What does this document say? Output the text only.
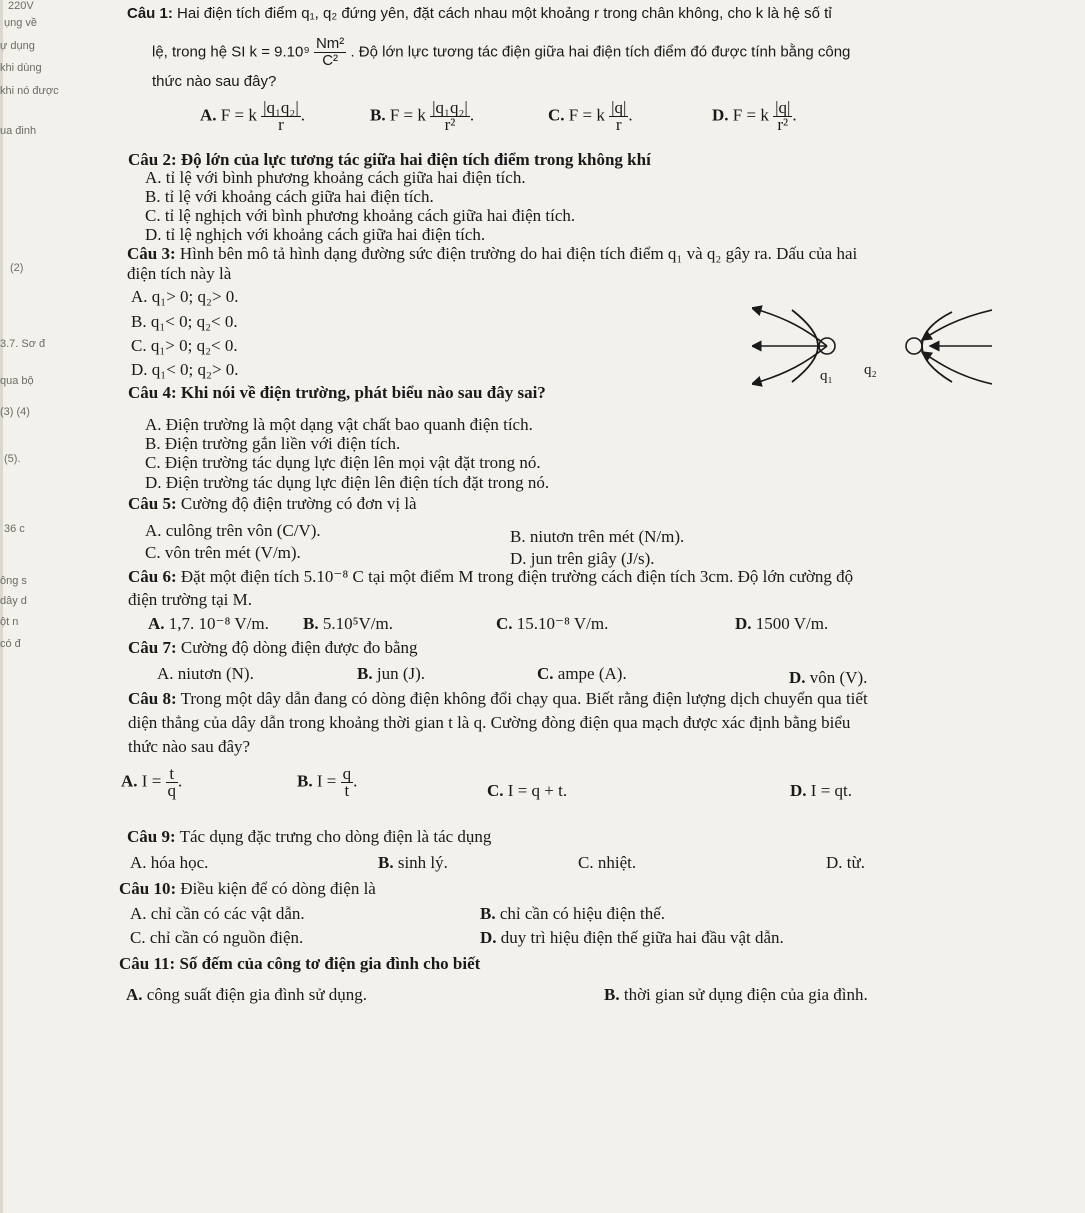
220V
ụng về
ự dụng
khi dùng
khi nó được
ua đinh
(2)
3.7. Sơ đ
qua bộ
(3) (4)
(5).
36 c
ông s
dây d
ột n
có đ
Câu 1: Hai điện tích điểm q₁, q₂ đứng yên, đặt cách nhau một khoảng r trong chân không, cho k là hệ số tỉ
lệ, trong hệ SI $k = 9.10^9 \frac{\text{Nm²}}{\text{C²}}$ . Độ lớn lực tương tác điện giữa hai điện tích điểm đó được tính bằng công
thức nào sau đây?
A. F = k $\frac{\text{|q₁q₂|}}{r}$ .	B. F = k $\frac{\text{|q₁q₂|}}{\text{r²}}$ .	C. F = k $\frac{|q|}{r}$ .	D. F = k $\frac{|q|}{\text{r²}}$ .
Câu 2: Độ lớn của lực tương tác giữa hai điện tích điểm trong không khí
A. tỉ lệ với bình phương khoảng cách giữa hai điện tích.
B. tỉ lệ với khoảng cách giữa hai điện tích.
C. tỉ lệ nghịch với bình phương khoảng cách giữa hai điện tích.
D. tỉ lệ nghịch với khoảng cách giữa hai điện tích.
Câu 3: Hình bên mô tả hình dạng đường sức điện trường do hai điện tích điểm q₁ và q₂ gây ra. Dấu của hai
điện tích này là
A. q₁> 0; q₂> 0.
B. q₁< 0; q₂< 0.
C. q₁> 0; q₂< 0.
D. q₁< 0; q₂> 0.	q₁ q₂
Câu 4: Khi nói về điện trường, phát biểu nào sau đây sai?
A. Điện trường là một dạng vật chất bao quanh điện tích.
B. Điện trường gắn liền với điện tích.
C. Điện trường tác dụng lực điện lên mọi vật đặt trong nó.
D. Điện trường tác dụng lực điện lên điện tích đặt trong nó.
Câu 5: Cường độ điện trường có đơn vị là
A. culông trên vôn (C/V).	B. niutơn trên mét (N/m).
C. vôn trên mét (V/m).	D. jun trên giây (J/s).
Câu 6: Đặt một điện tích 5.10⁻⁸ C tại một điểm M trong điện trường cách điện tích 3cm. Độ lớn cường độ
điện trường tại M.
A. 1,7. 10⁻⁸ V/m. B. 5.10⁵V/m.	C. 15.10⁻⁸ V/m.	D. 1500 V/m.
Câu 7: Cường độ dòng điện được đo bằng
A. niutơn (N).	B. jun (J).	C. ampe (A).	D. vôn (V).
Câu 8: Trong một dây dẫn đang có dòng điện không đổi chạy qua. Biết rằng điện lượng dịch chuyển qua tiết
diện thẳng của dây dẫn trong khoảng thời gian t là q. Cường đòng điện qua mạch được xác định bằng biểu
thức nào sau đây?
A. $I = \frac{t}{q}$ .	B. $I = \frac{q}{t}$ .
C. I = q + t.	D. I = qt.
Câu 9: Tác dụng đặc trưng cho dòng điện là tác dụng
A. hóa học.	B. sinh lý.	C. nhiệt.	D. từ.
Câu 10: Điều kiện để có dòng điện là
A. chỉ cần có các vật dẫn.	B. chỉ cần có hiệu điện thế.
C. chỉ cần có nguồn điện.	D. duy trì hiệu điện thế giữa hai đầu vật dẫn.
Câu 11: Số đếm của công tơ điện gia đình cho biết
A. công suất điện gia đình sử dụng.	B. thời gian sử dụng điện của gia đình.
